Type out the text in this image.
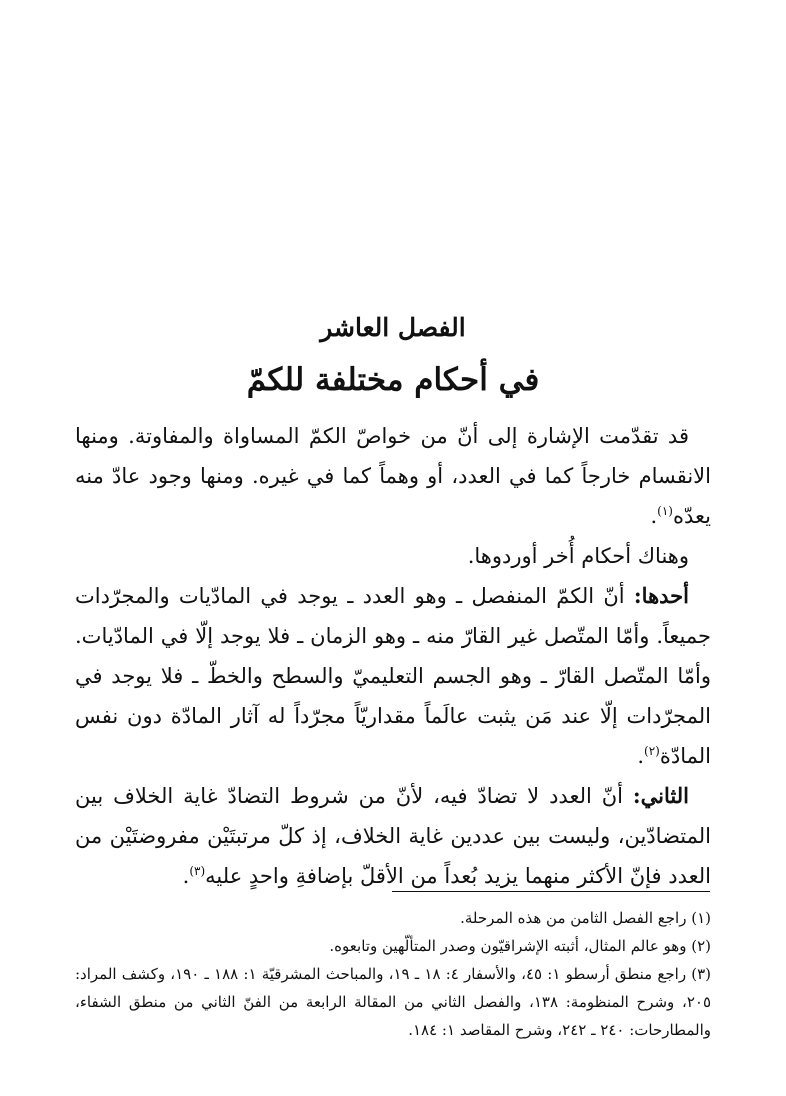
الفصل العاشر
في أحكام مختلفة للكمّ

قد تقدّمت الإشارة إلى أنّ من خواصّ الكمّ المساواة والمفاوتة. ومنها الانقسام خارجاً كما في العدد، أو وهماً كما في غيره. ومنها وجود عادّ منه يعدّه$^{(١)}$.

وهناك أحكام أُخر أوردوها.

أحدها: أنّ الكمّ المنفصل ـ وهو العدد ـ يوجد في المادّيات والمجرّدات جميعاً. وأمّا المتّصل غير القارّ منه ـ وهو الزمان ـ فلا يوجد إلّا في المادّيات. وأمّا المتّصل القارّ ـ وهو الجسم التعليميّ والسطح والخطّ ـ فلا يوجد في المجرّدات إلّا عند مَن يثبت عالَماً مقداريّاً مجرّداً له آثار المادّة دون نفس المادّة$^{(٢)}$.

الثاني: أنّ العدد لا تضادّ فيه، لأنّ من شروط التضادّ غاية الخلاف بين المتضادّين، وليست بين عددين غاية الخلاف، إذ كلّ مرتبتَيْن مفروضتَيْن من العدد فإنّ الأكثر منهما يزيد بُعداً من الأقلّ بإضافةِ واحدٍ عليه$^{(٣)}$.

(١) راجع الفصل الثامن من هذه المرحلة.

(٢) وهو عالم المثال، أثبته الإشراقيّون وصدر المتألّهين وتابعوه.

(٣) راجع منطق أرسطو ١: ٤٥، والأسفار ٤: ١٨ ـ ١٩، والمباحث المشرقيّة ١: ١٨٨ ـ ١٩٠، وكشف المراد: ٢٠٥، وشرح المنظومة: ١٣٨، والفصل الثاني من المقالة الرابعة من الفنّ الثاني من منطق الشفاء، والمطارحات: ٢٤٠ ـ ٢٤٢، وشرح المقاصد ١: ١٨٤.
